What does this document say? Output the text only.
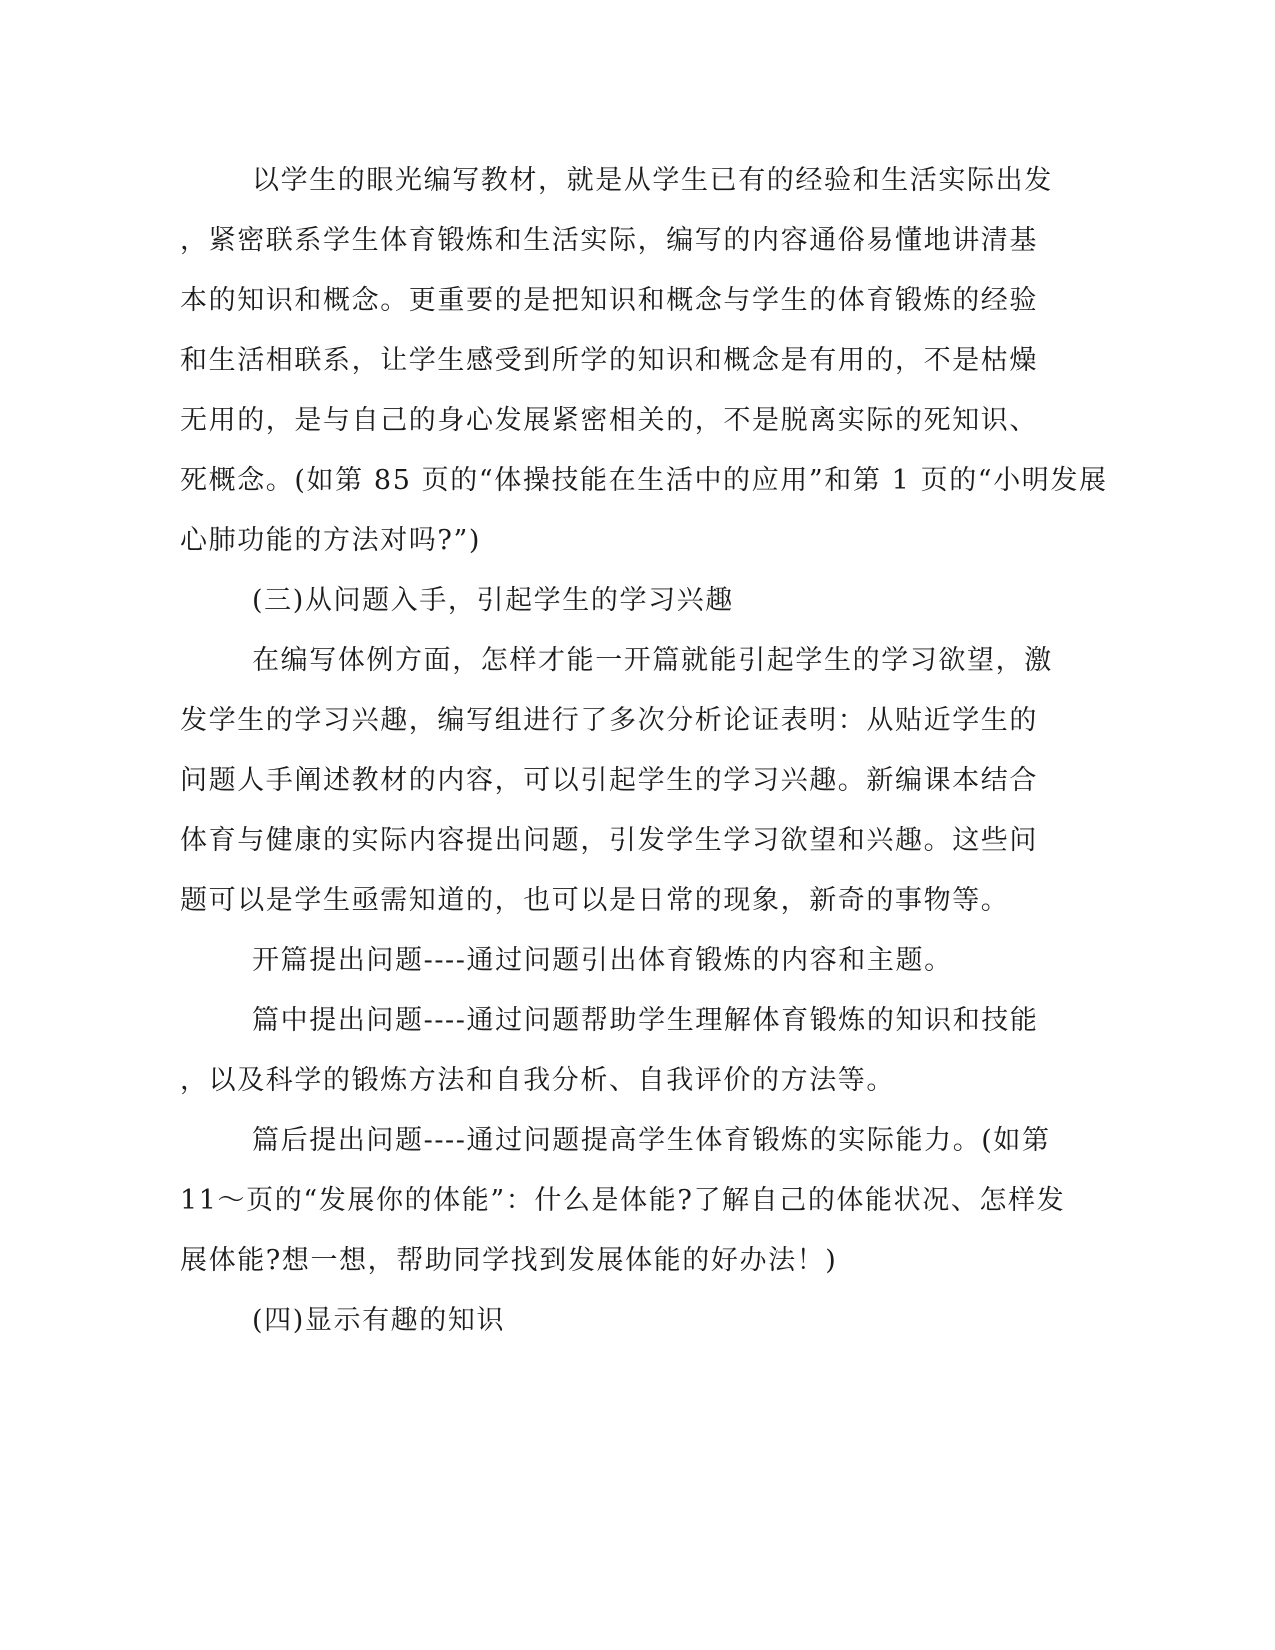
以学生的眼光编写教材，就是从学生已有的经验和生活实际出发
，紧密联系学生体育锻炼和生活实际，编写的内容通俗易懂地讲清基
本的知识和概念。更重要的是把知识和概念与学生的体育锻炼的经验
和生活相联系，让学生感受到所学的知识和概念是有用的，不是枯燥
无用的，是与自己的身心发展紧密相关的，不是脱离实际的死知识、
死概念。(如第 85 页的“体操技能在生活中的应用”和第 1 页的“小明发展
心肺功能的方法对吗?”)
(三)从问题入手，引起学生的学习兴趣
在编写体例方面，怎样才能一开篇就能引起学生的学习欲望，激
发学生的学习兴趣，编写组进行了多次分析论证表明：从贴近学生的
问题人手阐述教材的内容，可以引起学生的学习兴趣。新编课本结合
体育与健康的实际内容提出问题，引发学生学习欲望和兴趣。这些问
题可以是学生亟需知道的，也可以是日常的现象，新奇的事物等。
开篇提出问题----通过问题引出体育锻炼的内容和主题。
篇中提出问题----通过问题帮助学生理解体育锻炼的知识和技能
，以及科学的锻炼方法和自我分析、自我评价的方法等。
篇后提出问题----通过问题提高学生体育锻炼的实际能力。(如第
11～页的“发展你的体能”：什么是体能?了解自己的体能状况、怎样发
展体能?想一想，帮助同学找到发展体能的好办法！)
(四)显示有趣的知识
